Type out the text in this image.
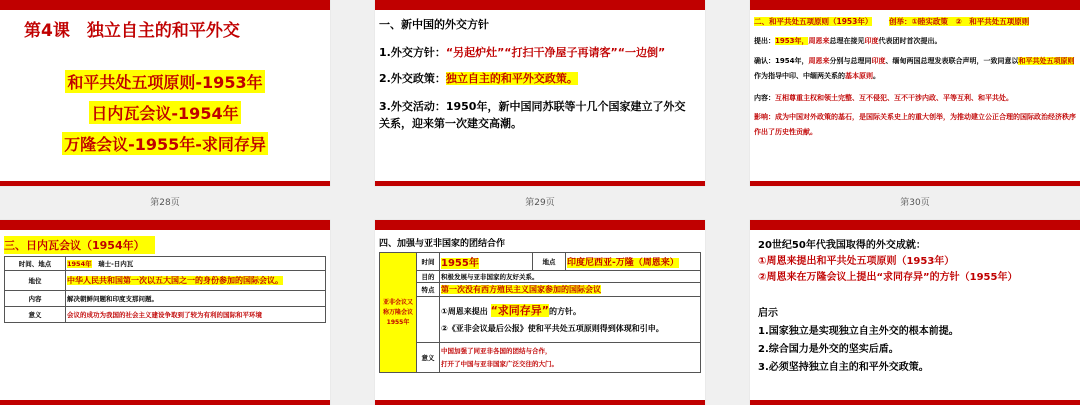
第4课　独立自主的和平外交
和平共处五项原则-1953年
日内瓦会议-1954年
万隆会议-1955年-求同存异
第28页
一、新中国的外交方针
1.外交方针：“另起炉灶”“打扫干净屋子再请客”“一边倒”
2.外交政策：独立自主的和平外交政策。
3.外交活动：1950年，新中国同苏联等十几个国家建立了外交关系，迎来第一次建交高潮。
第29页
二、和平共处五项原则（1953年） 创举：①睦实政策　②　和平共处五项原则
提出：1953年，周恩来总理在接见印度代表团时首次提出。
确认：1954年，周恩来分别与总理同印度、缅甸两国总理发表联合声明，一致同意以和平共处五项原则作为指导中印、中缅两关系的基本原则。
内容：互相尊重主权和领土完整、互不侵犯、互不干涉内政、平等互利、和平共处。
影响：成为中国对外政策的基石，是国际关系史上的重大创举，为推动建立公正合理的国际政治经济秩序作出了历史性贡献。
第30页
三、日内瓦会议（1954年）
时间、地点	1954年　 瑞士-日内瓦
地位	中华人民共和国第一次以五大国之一的身份参加的国际会议。
内容	解决朝鲜问题和印度支那问题。
意义	会议的成功为我国的社会主义建设争取到了较为有利的国际和平环境
四、加强与亚非国家的团结合作
亚非会议又称万隆会议1955年	时间	1955年	地点	印度尼西亚-万隆（周恩来）
	目的	积极发展与亚非国家的友好关系。		
	特点	第一次没有西方殖民主义国家参加的国际会议		

		①周恩来提出 “求同存异”的方针。
②《亚非会议最后公报》使和平共处五项原则得到体现和引申。		

	意义	中国加强了同亚非各国的团结与合作，
打开了中国与亚非国家广泛交往的大门。		
20世纪50年代我国取得的外交成就：
①周恩来提出和平共处五项原则（1953年）
②周恩来在万隆会议上提出“求同存异”的方针（1955年）
启示
1.国家独立是实现独立自主外交的根本前提。
2.综合国力是外交的坚实后盾。
3.必须坚持独立自主的和平外交政策。
